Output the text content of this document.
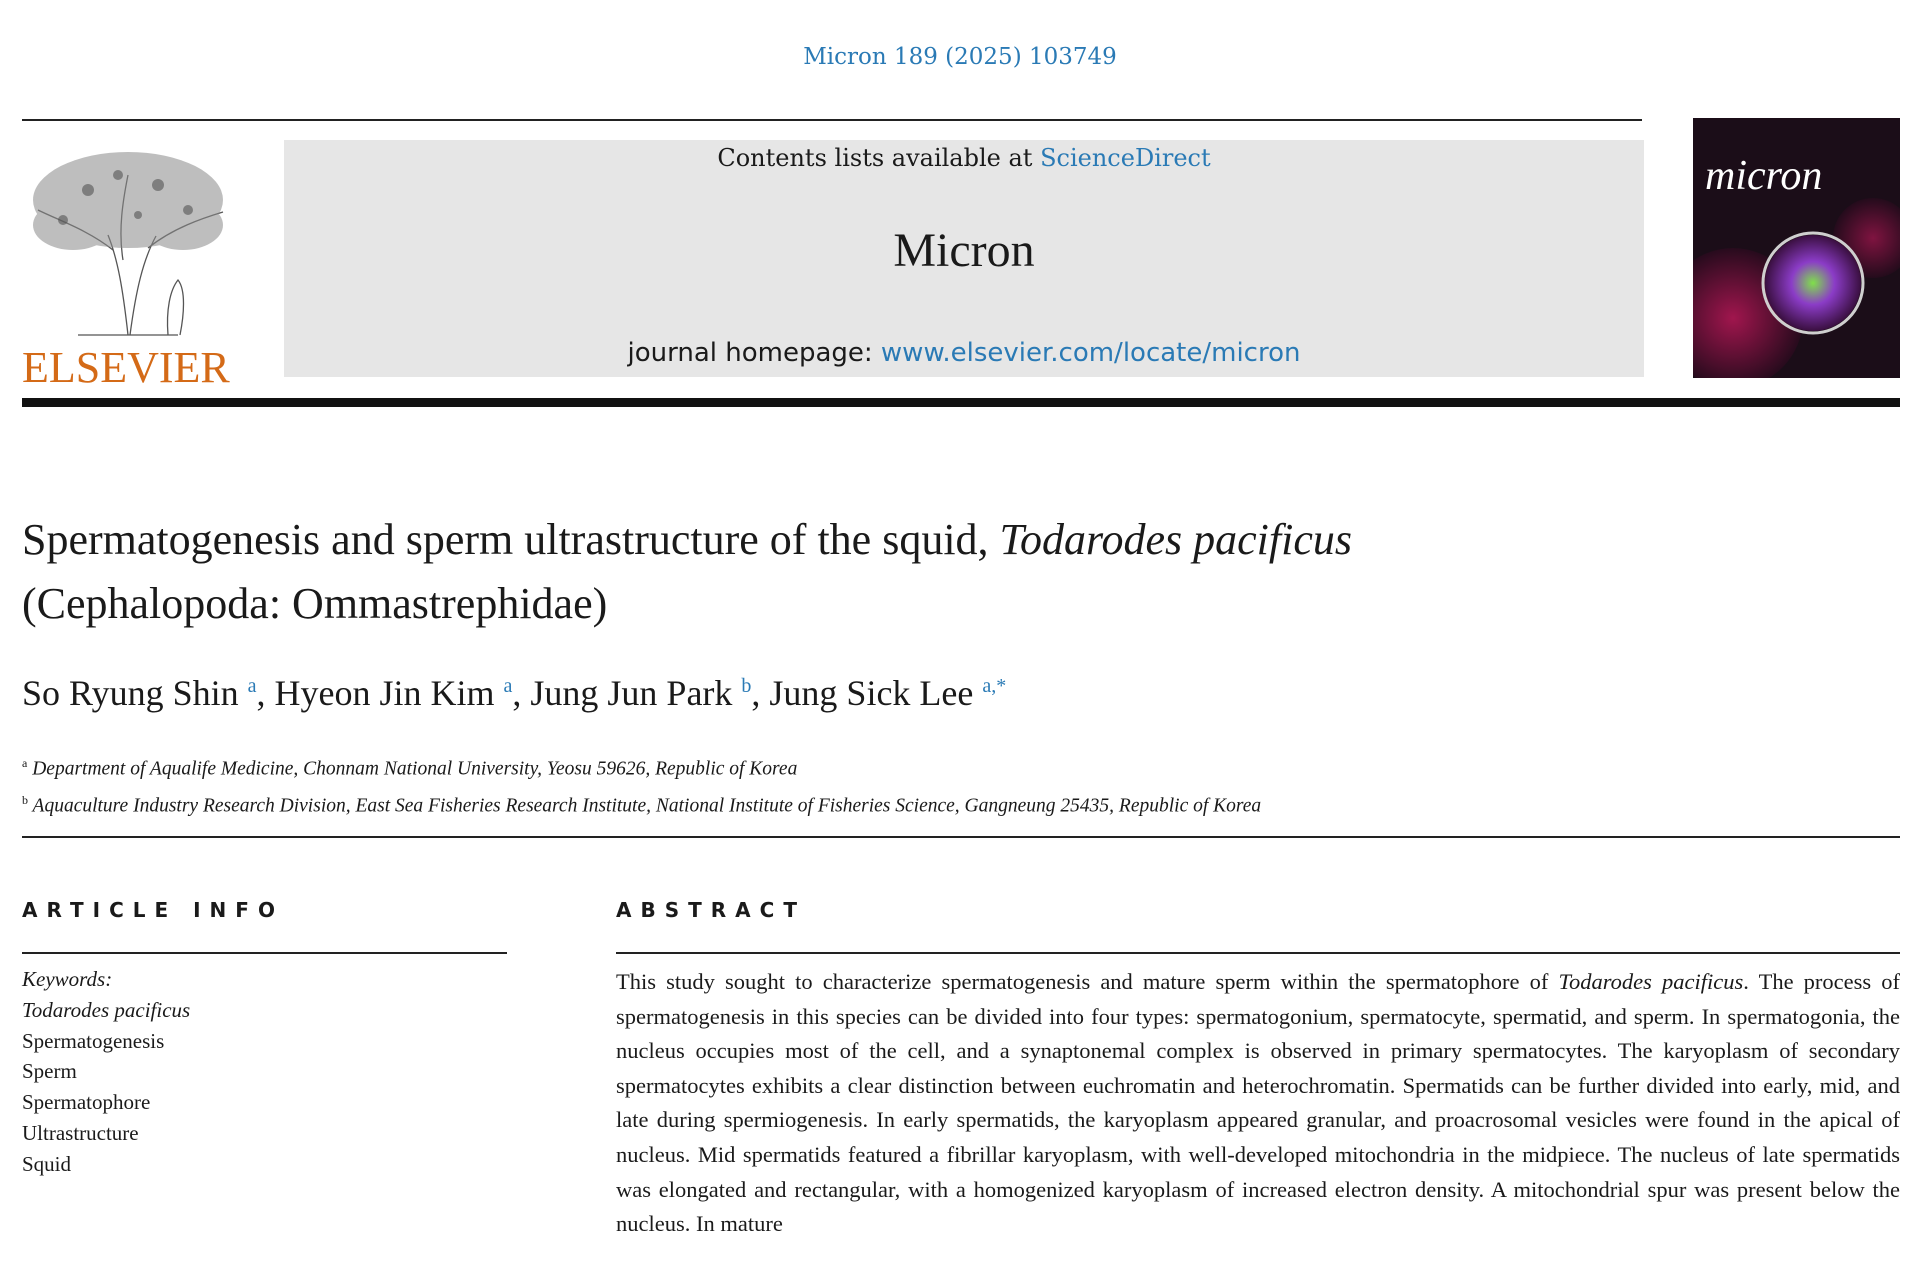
Micron 189 (2025) 103749
ELSEVIER
Contents lists available at ScienceDirect
Micron
journal homepage: www.elsevier.com/locate/micron
micron
Spermatogenesis and sperm ultrastructure of the squid, Todarodes pacificus
(Cephalopoda: Ommastrephidae)
So Ryung Shin $^a$, Hyeon Jin Kim $^a$, Jung Jun Park $^b$, Jung Sick Lee $^{a,*}$
$^a$ Department of Aqualife Medicine, Chonnam National University, Yeosu 59626, Republic of Korea
$^b$ Aquaculture Industry Research Division, East Sea Fisheries Research Institute, National Institute of Fisheries Science, Gangneung 25435, Republic of Korea
ARTICLE INFO	ABSTRACT
Keywords:
Todarodes pacificus
Spermatogenesis
Sperm
Spermatophore
Ultrastructure
Squid
This study sought to characterize spermatogenesis and mature sperm within the spermatophore of Todarodes pacificus. The process of spermatogenesis in this species can be divided into four types: spermatogonium, spermatocyte, spermatid, and sperm. In spermatogonia, the nucleus occupies most of the cell, and a synaptonemal complex is observed in primary spermatocytes. The karyoplasm of secondary spermatocytes exhibits a clear distinction between euchromatin and heterochromatin. Spermatids can be further divided into early, mid, and late during spermiogenesis. In early spermatids, the karyoplasm appeared granular, and proacrosomal vesicles were found in the apical of nucleus. Mid spermatids featured a fibrillar karyoplasm, with well-developed mitochondria in the midpiece. The nucleus of late spermatids was elongated and rectangular, with a homogenized karyoplasm of increased electron density. A mitochondrial spur was present below the nucleus. In mature
